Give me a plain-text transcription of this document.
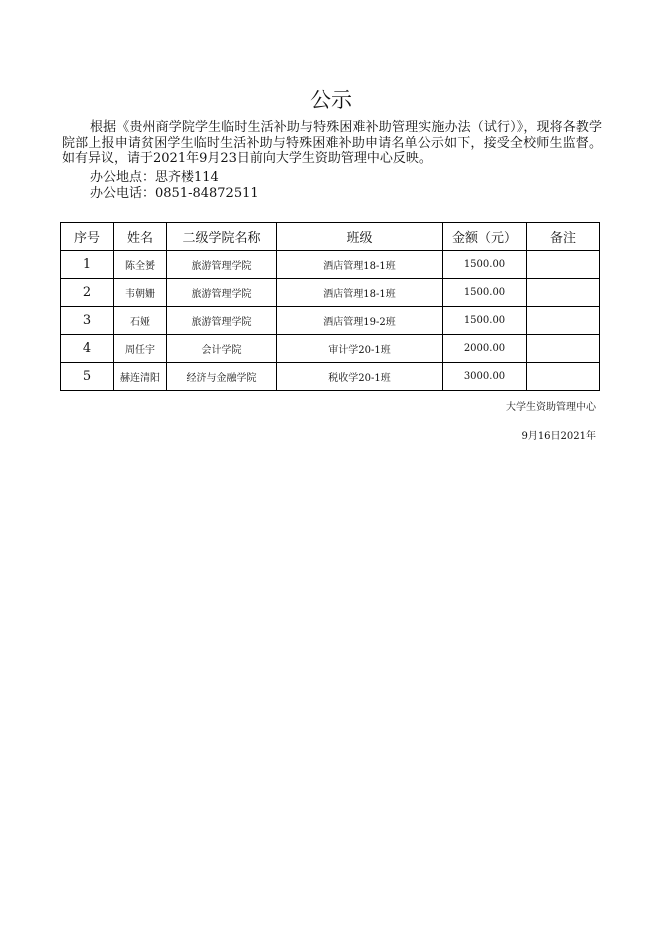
公示
根据《贵州商学院学生临时生活补助与特殊困难补助管理实施办法（试行）》，现将各教学院部上报申请贫困学生临时生活补助与特殊困难补助申请名单公示如下，接受全校师生监督。如有异议，请于2021年9月23日前向大学生资助管理中心反映。
办公地点：思齐楼114
办公电话：0851-84872511
序号	姓名	二级学院名称	班级	金额（元）	备注
1	陈全赟	旅游管理学院	酒店管理18-1班	1500.00	
2	韦朝姗	旅游管理学院	酒店管理18-1班	1500.00	
3	石娅	旅游管理学院	酒店管理19-2班	1500.00	
4	周任宇	会计学院	审计学20-1班	2000.00	
5	赫连清阳	经济与金融学院	税收学20-1班	3000.00	
大学生资助管理中心
9月16日2021年
